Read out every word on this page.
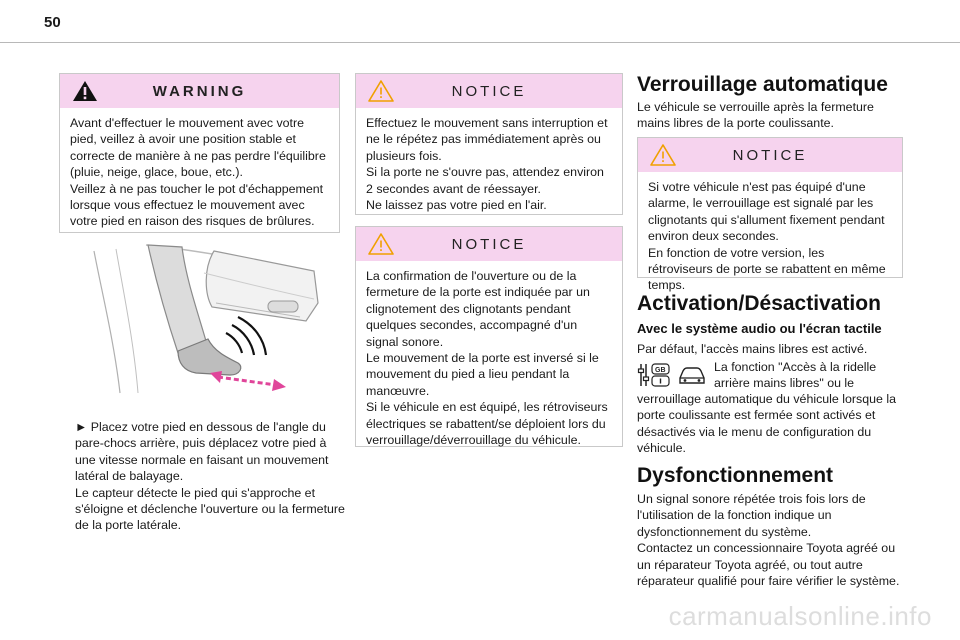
50
WARNING

Avant d'effectuer le mouvement avec votre pied, veillez à avoir une position stable et correcte de manière à ne pas perdre l'équilibre (pluie, neige, glace, boue, etc.).
Veillez à ne pas toucher le pot d'échappement lorsque vous effectuez le mouvement avec votre pied en raison des risques de brûlures.

► Placez votre pied en dessous de l'angle du pare-chocs arrière, puis déplacez votre pied à une vitesse normale en faisant un mouvement latéral de balayage.
Le capteur détecte le pied qui s'approche et s'éloigne et déclenche l'ouverture ou la fermeture de la porte latérale.

NOTICE

Effectuez le mouvement sans interruption et ne le répétez pas immédiatement après ou plusieurs fois.
Si la porte ne s'ouvre pas, attendez environ 2 secondes avant de réessayer.
Ne laissez pas votre pied en l'air.

NOTICE

La confirmation de l'ouverture ou de la fermeture de la porte est indiquée par un clignotement des clignotants pendant quelques secondes, accompagné d'un signal sonore.
Le mouvement de la porte est inversé si le mouvement du pied a lieu pendant la manœuvre.
Si le véhicule en est équipé, les rétroviseurs électriques se rabattent/se déploient lors du verrouillage/déverrouillage du véhicule.

Verrouillage automatique

Le véhicule se verrouille après la fermeture mains libres de la porte coulissante.

NOTICE

Si votre véhicule n'est pas équipé d'une alarme, le verrouillage est signalé par les clignotants qui s'allument fixement pendant environ deux secondes.
En fonction de votre version, les rétroviseurs de porte se rabattent en même temps.

Activation/Désactivation
Avec le système audio ou l'écran tactile

Par défaut, l'accès mains libres est activé.

GB	La fonction "Accès à la ridelle

arrière mains libres" ou le

verrouillage automatique du véhicule lorsque la porte coulissante est fermée sont activés et désactivés via le menu de configuration du véhicule.

Dysfonctionnement

Un signal sonore répétée trois fois lors de l'utilisation de la fonction indique un dysfonctionnement du système.
Contactez un concessionnaire Toyota agréé ou un réparateur Toyota agréé, ou tout autre réparateur qualifié pour faire vérifier le système.

carmanualsonline.info
